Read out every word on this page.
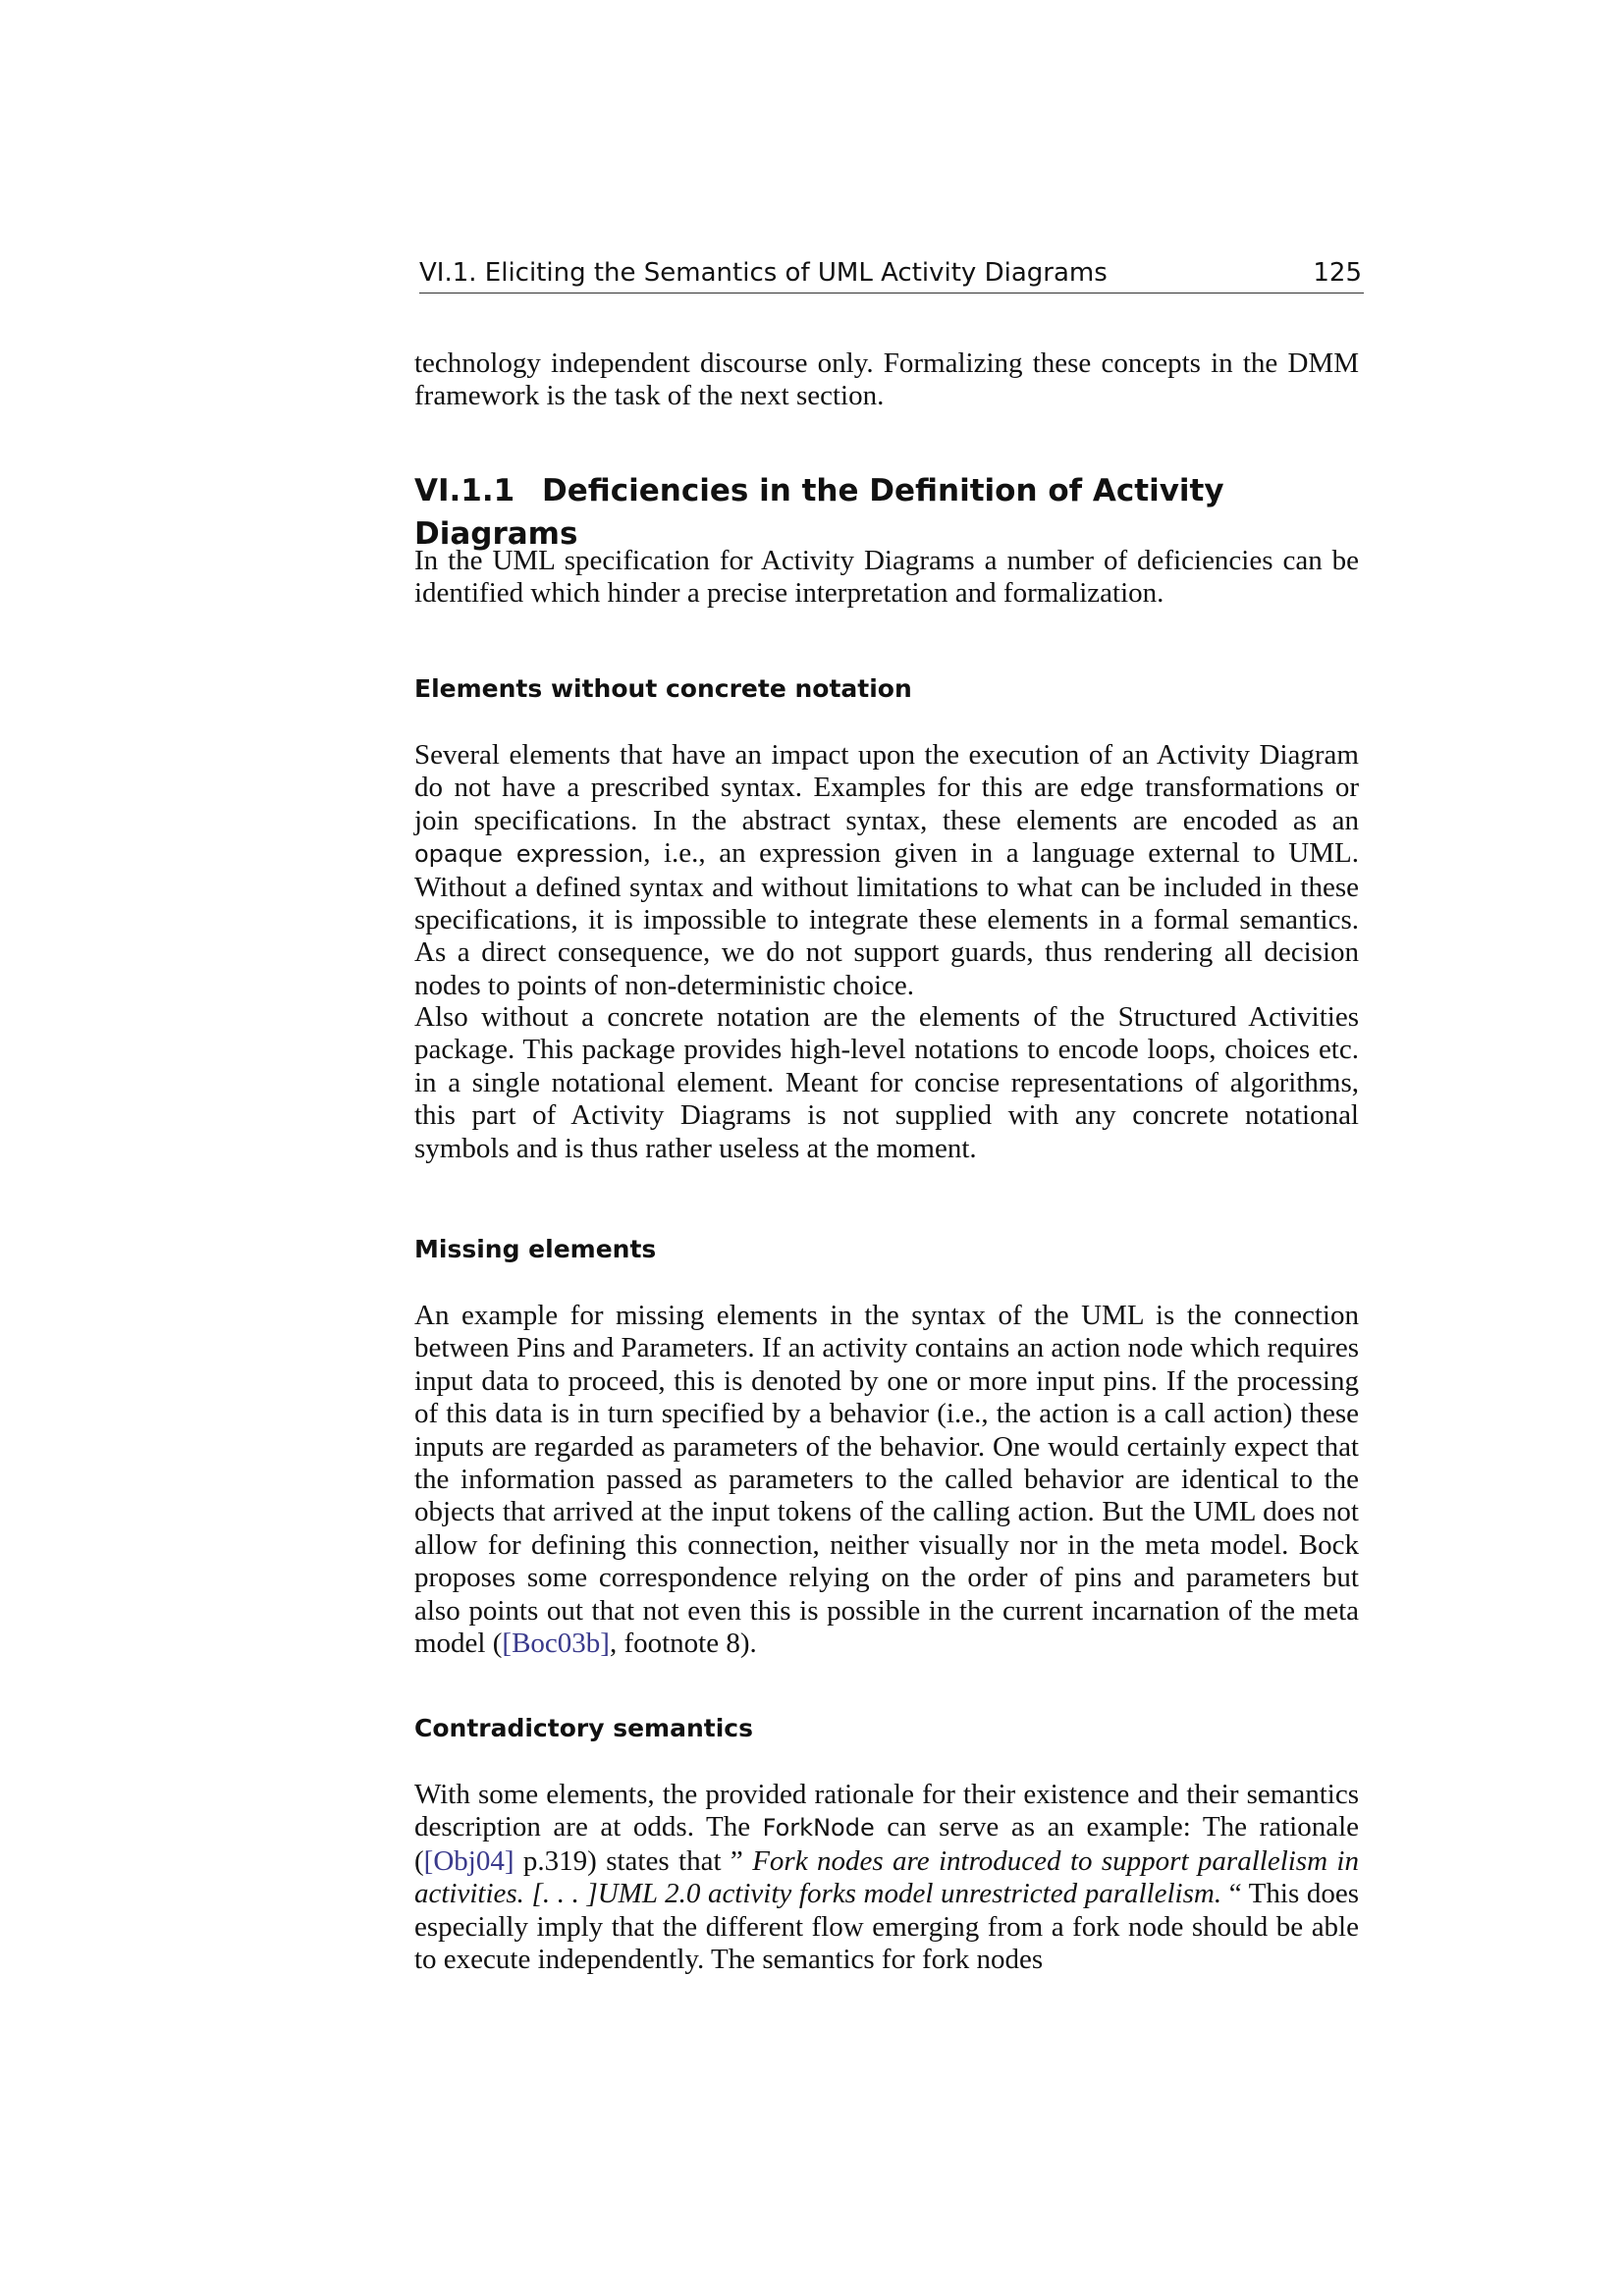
VI.1. Eliciting the Semantics of UML Activity Diagrams	125

technology independent discourse only. Formalizing these concepts in the DMM framework is the task of the next section.

VI.1.1 Deficiencies in the Definition of Activity Diagrams

In the UML specification for Activity Diagrams a number of deficiencies can be identified which hinder a precise interpretation and formalization.

Elements without concrete notation

Several elements that have an impact upon the execution of an Activity Diagram do not have a prescribed syntax. Examples for this are edge transformations or join specifications. In the abstract syntax, these elements are encoded as an opaque expression, i.e., an expression given in a language external to UML. Without a defined syntax and without limitations to what can be included in these specifications, it is impossible to integrate these elements in a formal semantics. As a direct consequence, we do not support guards, thus rendering all decision nodes to points of non-deterministic choice.

Also without a concrete notation are the elements of the Structured Activities package. This package provides high-level notations to encode loops, choices etc. in a single notational element. Meant for concise representations of algorithms, this part of Activity Diagrams is not supplied with any concrete notational symbols and is thus rather useless at the moment.

Missing elements

An example for missing elements in the syntax of the UML is the connection between Pins and Parameters. If an activity contains an action node which requires input data to proceed, this is denoted by one or more input pins. If the processing of this data is in turn specified by a behavior (i.e., the action is a call action) these inputs are regarded as parameters of the behavior. One would certainly expect that the information passed as parameters to the called behavior are identical to the objects that arrived at the input tokens of the calling action. But the UML does not allow for defining this connection, neither visually nor in the meta model. Bock proposes some correspondence relying on the order of pins and parameters but also points out that not even this is possible in the current incarnation of the meta model ([Boc03b], footnote 8).

Contradictory semantics

With some elements, the provided rationale for their existence and their semantics description are at odds. The ForkNode can serve as an example: The rationale ([Obj04] p.319) states that ” Fork nodes are introduced to support parallelism in activities. [. . . ]UML 2.0 activity forks model unrestricted parallelism. “ This does especially imply that the different flow emerging from a fork node should be able to execute independently. The semantics for fork nodes
